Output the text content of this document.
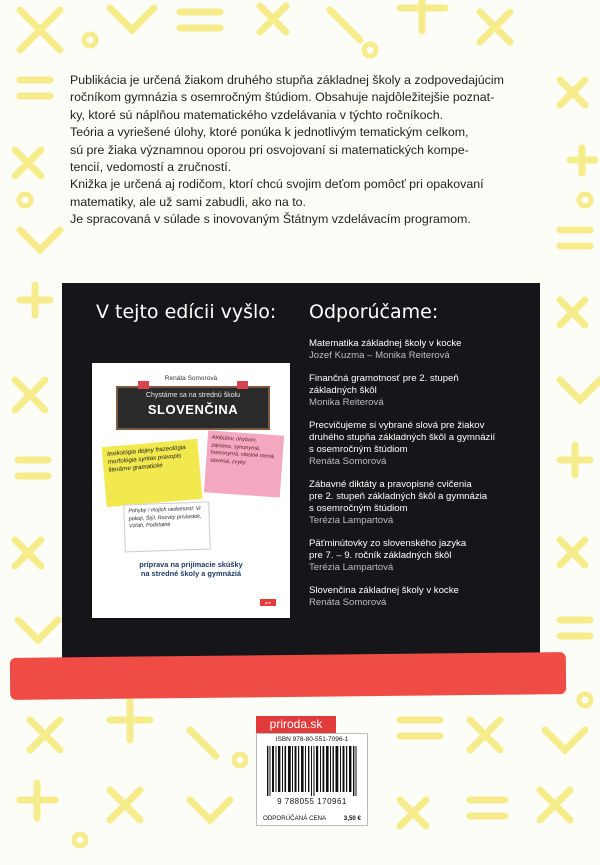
Publikácia je určená žiakom druhého stupňa základnej školy a zodpovedajúcim

ročníkom gymnázia s osemročným štúdiom. Obsahuje najdôležitejšie poznat-

ky, ktoré sú náplňou matematického vzdelávania v týchto ročníkoch.

Teória a vyriešené úlohy, ktoré ponúka k jednotlivým tematickým celkom,

sú pre žiaka významnou oporou pri osvojovaní si matematických kompe-

tencií, vedomostí a zručností.

Knižka je určená aj rodičom, ktorí chcú svojim deťom pomôcť pri opakovaní

matematiky, ale už sami zabudli, ako na to.

Je spracovaná v súlade s inovovaným Štátnym vzdelávacím programom.

V tejto edícii vyšlo: Odporúčame:
Renáta Somorová
Chystáme sa na strednú školu
SLOVENČINA
lexikológia dejiny frazeológia morfológia syntax pravopis literárne gramatické
Atribútov, ohybom, zámeno, synonymá, homonymá, vlastné mená, slovesá, zvyky
Pohyby / mojich vedomostí: Vi pokoji, Štýl, Rozvitý prívlastok, Vzťah, Podstatné
príprava na prijímacie skúšky
na stredné školy a gymnáziá
prír
Matematika základnej školy v kocke
Jozef Kuzma – Monika Reiterová
Finančná gramotnosť pre 2. stupeň
základných škôl
Monika Reiterová
Precvičujeme si vybrané slová pre žiakov
druhého stupňa základných škôl a gymnázií
s osemročným štúdiom
Renáta Somorová
Zábavné diktáty a pravopisné cvičenia
pre 2. stupeň základných škôl a gymnázia
s osemročným štúdiom
Terézia Lampartová
Päťminútovky zo slovenského jazyka
pre 7. – 9. ročník základných škôl
Terézia Lampartová
Slovenčina základnej školy v kocke
Renáta Somorová
priroda.sk
ISBN 978-80-551-7096-1
9 788055 170961
ODPORÚČANÁ CENA	3,50 €
